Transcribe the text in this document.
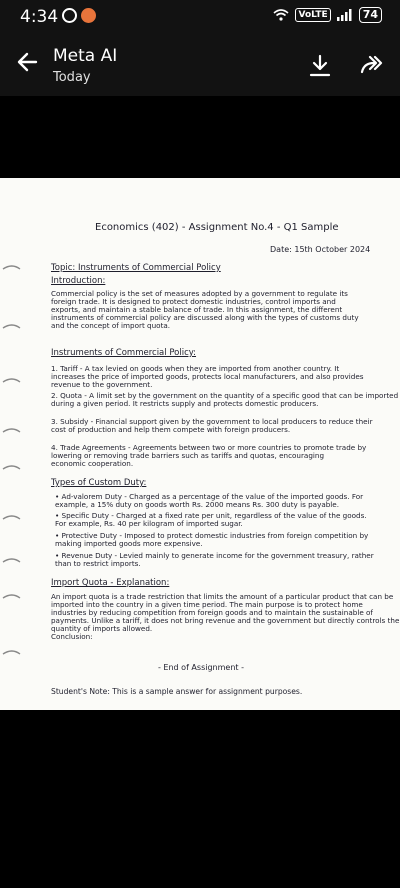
4:34	VoLTE	74
Meta AI
Today
Economics (402) - Assignment No.4 - Q1 Sample
Date: 15th October 2024
Topic: Instruments of Commercial Policy
Introduction:
Commercial policy is the set of measures adopted by a government to regulate its
foreign trade. It is designed to protect domestic industries, control imports and
exports, and maintain a stable balance of trade. In this assignment, the different
instruments of commercial policy are discussed along with the types of customs duty
and the concept of import quota.
Instruments of Commercial Policy:
1. Tariff - A tax levied on goods when they are imported from another country. It
increases the price of imported goods, protects local manufacturers, and also provides
revenue to the government.
2. Quota - A limit set by the government on the quantity of a specific good that can be imported
during a given period. It restricts supply and protects domestic producers.
3. Subsidy - Financial support given by the government to local producers to reduce their
cost of production and help them compete with foreign producers.
4. Trade Agreements - Agreements between two or more countries to promote trade by
lowering or removing trade barriers such as tariffs and quotas, encouraging
economic cooperation.
Types of Custom Duty:
• Ad-valorem Duty - Charged as a percentage of the value of the imported goods. For
example, a 15% duty on goods worth Rs. 2000 means Rs. 300 duty is payable.
• Specific Duty - Charged at a fixed rate per unit, regardless of the value of the goods.
For example, Rs. 40 per kilogram of imported sugar.
• Protective Duty - Imposed to protect domestic industries from foreign competition by
making imported goods more expensive.
• Revenue Duty - Levied mainly to generate income for the government treasury, rather
than to restrict imports.
Import Quota - Explanation:
An import quota is a trade restriction that limits the amount of a particular product that can be
imported into the country in a given time period. The main purpose is to protect home
industries by reducing competition from foreign goods and to maintain the sustainable of
payments. Unlike a tariff, it does not bring revenue and the government but directly controls the
quantity of imports allowed.
Conclusion:
- End of Assignment -
Student's Note: This is a sample answer for assignment purposes.
